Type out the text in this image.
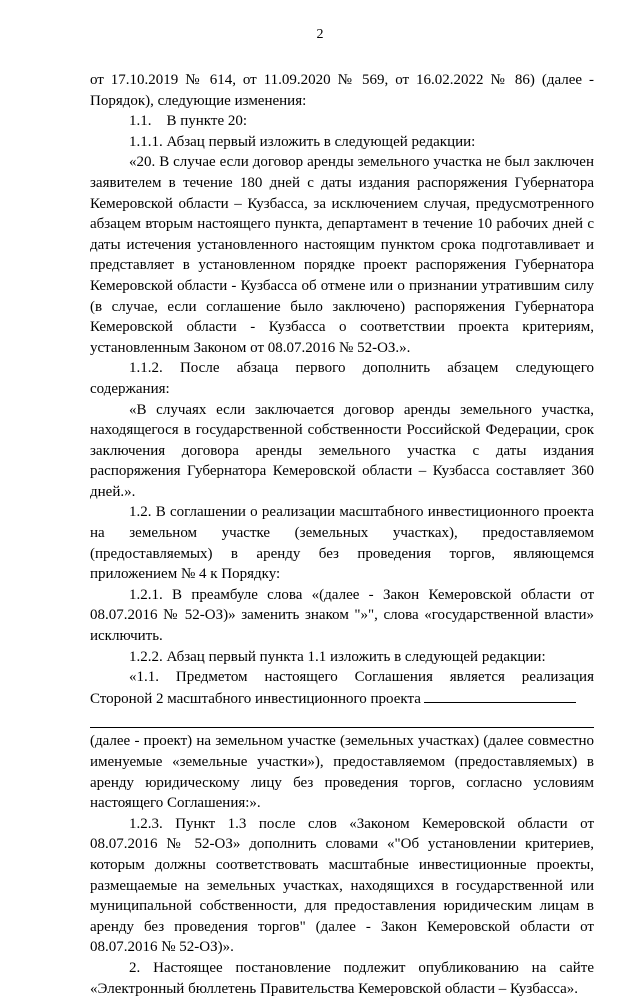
2

от 17.10.2019 № 614, от 11.09.2020 № 569, от 16.02.2022 № 86) (далее - Порядок), следующие изменения:

1.1.    В пункте 20:

1.1.1. Абзац первый изложить в следующей редакции:

«20. В случае если договор аренды земельного участка не был заключен заявителем в течение 180 дней с даты издания распоряжения Губернатора Кемеровской области – Кузбасса, за исключением случая, предусмотренного абзацем вторым настоящего пункта, департамент в течение 10 рабочих дней с даты истечения установленного настоящим пунктом срока подготавливает и представляет в установленном порядке проект распоряжения Губернатора Кемеровской области - Кузбасса об отмене или о признании утратившим силу (в случае, если соглашение было заключено) распоряжения Губернатора Кемеровской области - Кузбасса о соответствии проекта критериям, установленным Законом от 08.07.2016 № 52-ОЗ.».

1.1.2. После абзаца первого дополнить абзацем следующего содержания:

«В случаях если заключается договор аренды земельного участка, находящегося в государственной собственности Российской Федерации, срок заключения договора аренды земельного участка с даты издания распоряжения Губернатора Кемеровской области – Кузбасса составляет 360 дней.».

1.2. В соглашении о реализации масштабного инвестиционного проекта на земельном участке (земельных участках), предоставляемом (предоставляемых) в аренду без проведения торгов, являющемся приложением № 4 к Порядку:

1.2.1. В преамбуле слова «(далее - Закон Кемеровской области от 08.07.2016 № 52-ОЗ)» заменить знаком "»", слова «государственной власти» исключить.

1.2.2. Абзац первый пункта 1.1 изложить в следующей редакции:

«1.1. Предметом настоящего Соглашения является реализация Стороной 2 масштабного инвестиционного проекта

(далее - проект) на земельном участке (земельных участках) (далее совместно именуемые «земельные участки»), предоставляемом (предоставляемых) в аренду юридическому лицу без проведения торгов, согласно условиям настоящего Соглашения:».

1.2.3. Пункт 1.3 после слов «Законом Кемеровской области от 08.07.2016 № 52-ОЗ» дополнить словами «"Об установлении критериев, которым должны соответствовать масштабные инвестиционные проекты, размещаемые на земельных участках, находящихся в государственной или муниципальной собственности, для предоставления юридическим лицам в аренду без проведения торгов" (далее - Закон Кемеровской области от 08.07.2016 № 52-ОЗ)».

2. Настоящее постановление подлежит опубликованию на сайте «Электронный бюллетень Правительства Кемеровской области – Кузбасса».
